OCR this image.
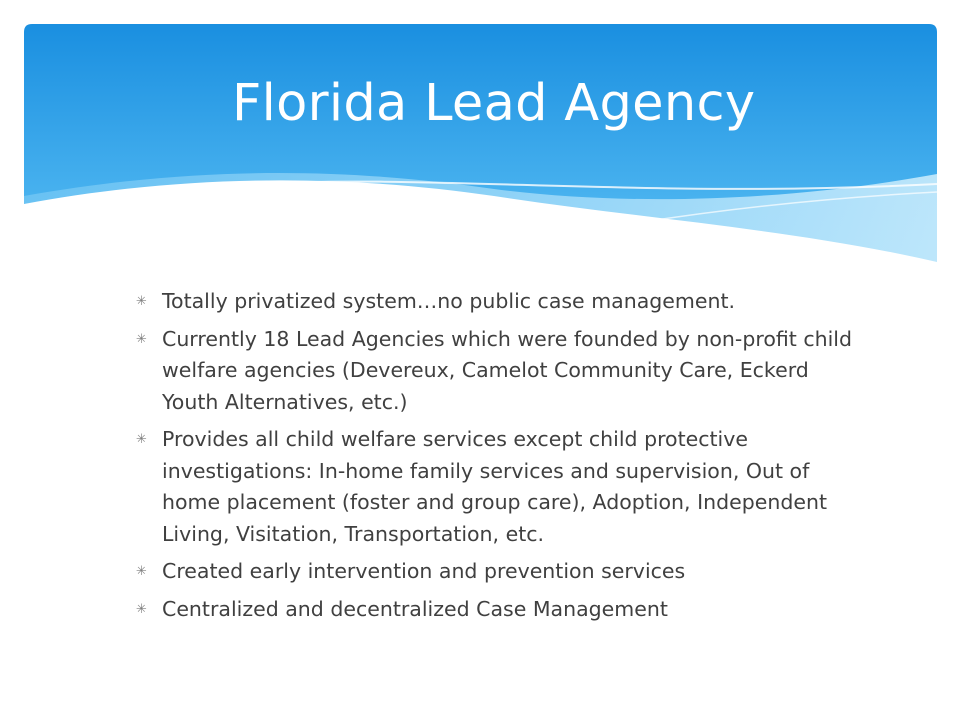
Florida Lead Agency
✳ Totally privatized system…no public case management.
✳ Currently 18 Lead Agencies which were founded by non-profit child welfare agencies (Devereux, Camelot Community Care, Eckerd Youth Alternatives, etc.)
✳ Provides all child welfare services except child protective investigations: In-home family services and supervision, Out of home placement (foster and group care), Adoption, Independent Living, Visitation, Transportation, etc.
✳ Created early intervention and prevention services
✳ Centralized and decentralized Case Management
